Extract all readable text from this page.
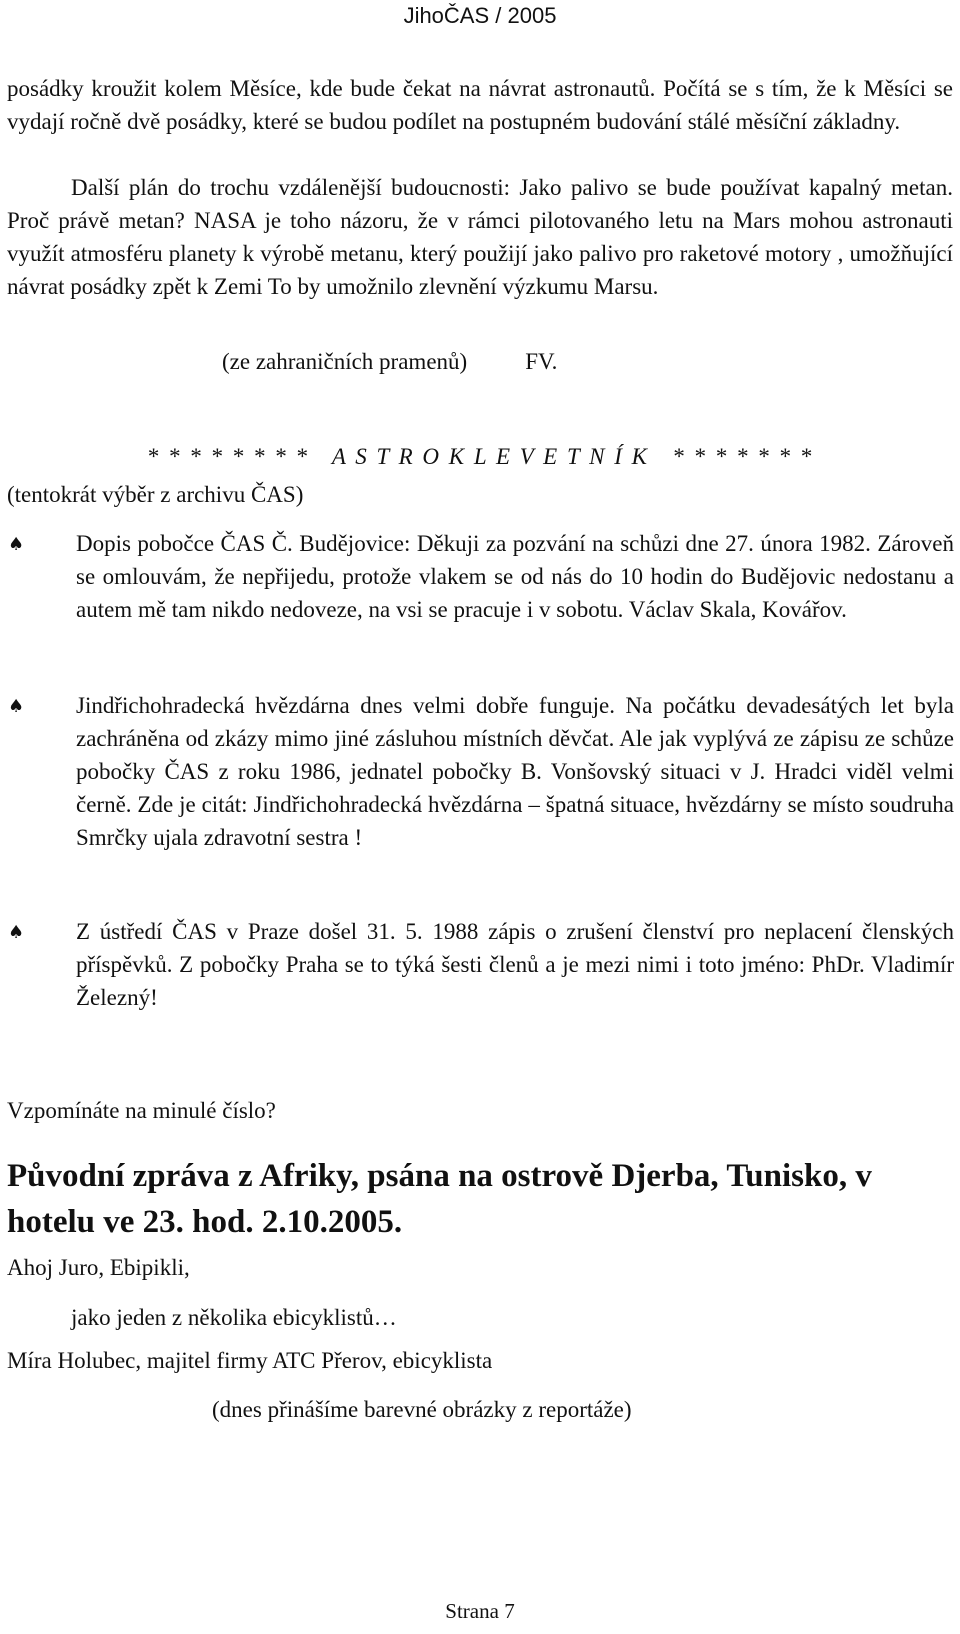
JihoČAS / 2005
posádky kroužit kolem Měsíce, kde bude čekat na návrat astronautů. Počítá se s tím, že k Měsíci se vydají ročně dvě posádky, které se budou podílet na postupném budování stálé měsíční základny.
Další plán do trochu vzdálenější budoucnosti: Jako palivo se bude používat kapalný metan. Proč právě metan? NASA je toho názoru, že v rámci pilotovaného letu na Mars mohou astronauti využít atmosféru planety k výrobě metanu, který použijí jako palivo pro raketové motory , umožňující návrat posádky zpět k Zemi To by umožnilo zlevnění výzkumu Marsu.
(ze zahraničních pramenů)	FV.
* * * * * * * *   A S T R O K L E V E T N Í K   * * * * * * *
(tentokrát výběr z archivu ČAS)
♠ Dopis pobočce ČAS Č. Budějovice: Děkuji za pozvání na schůzi dne 27. února 1982. Zároveň se omlouvám, že nepřijedu, protože vlakem se od nás do 10 hodin do Budějovic nedostanu a autem mě tam nikdo nedoveze, na vsi se pracuje i v sobotu. Václav Skala, Kovářov.
♠ Jindřichohradecká hvězdárna dnes velmi dobře funguje. Na počátku devadesátých let byla zachráněna od zkázy mimo jiné zásluhou místních děvčat. Ale jak vyplývá ze zápisu ze schůze pobočky ČAS z roku 1986, jednatel pobočky B. Vonšovský situaci v J. Hradci viděl velmi černě. Zde je citát: Jindřichohradecká hvězdárna – špatná situace, hvězdárny se místo soudruha Smrčky ujala zdravotní sestra !
♠ Z ústředí ČAS v Praze došel 31. 5. 1988 zápis o zrušení členství pro neplacení členských příspěvků. Z pobočky Praha se to týká šesti členů a je mezi nimi i toto jméno: PhDr. Vladimír Železný!
Vzpomínáte na minulé číslo?
Původní zpráva z Afriky, psána na ostrově Djerba, Tunisko, v hotelu ve 23. hod. 2.10.2005.
Ahoj Juro, Ebipikli,
jako jeden z několika ebicyklistů…
Míra Holubec, majitel firmy ATC Přerov, ebicyklista
(dnes přinášíme barevné obrázky z reportáže)
Strana 7
